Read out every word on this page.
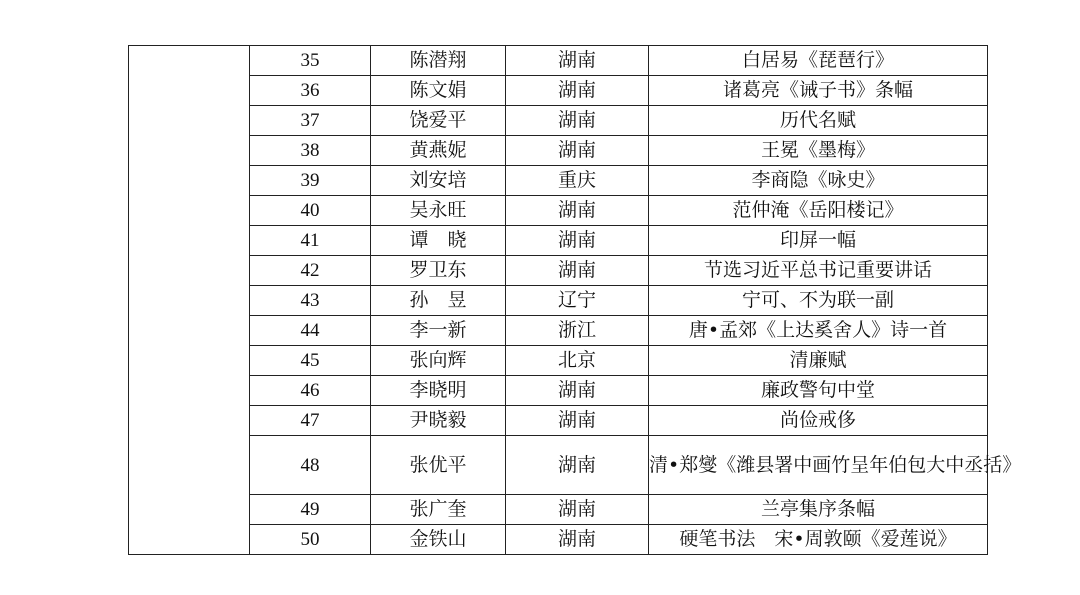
	35	陈潜翔	湖南	白居易《琵琶行》
	36	陈文娟	湖南	诸葛亮《诫子书》条幅
	37	饶爱平	湖南	历代名赋
	38	黄燕妮	湖南	王冕《墨梅》
	39	刘安培	重庆	李商隐《咏史》
	40	吴永旺	湖南	范仲淹《岳阳楼记》
	41	谭　晓	湖南	印屏一幅
	42	罗卫东	湖南	节选习近平总书记重要讲话
	43	孙　昱	辽宁	宁可、不为联一副
	44	李一新	浙江	唐•孟郊《上达奚舍人》诗一首
	45	张向辉	北京	清廉赋
	46	李晓明	湖南	廉政警句中堂
	47	尹晓毅	湖南	尚俭戒侈
	48	张优平	湖南	清•郑燮《潍县署中画竹呈年伯包大中丞括》
	49	张广奎	湖南	兰亭集序条幅
	50	金铁山	湖南	硬笔书法　宋•周敦颐《爱莲说》
